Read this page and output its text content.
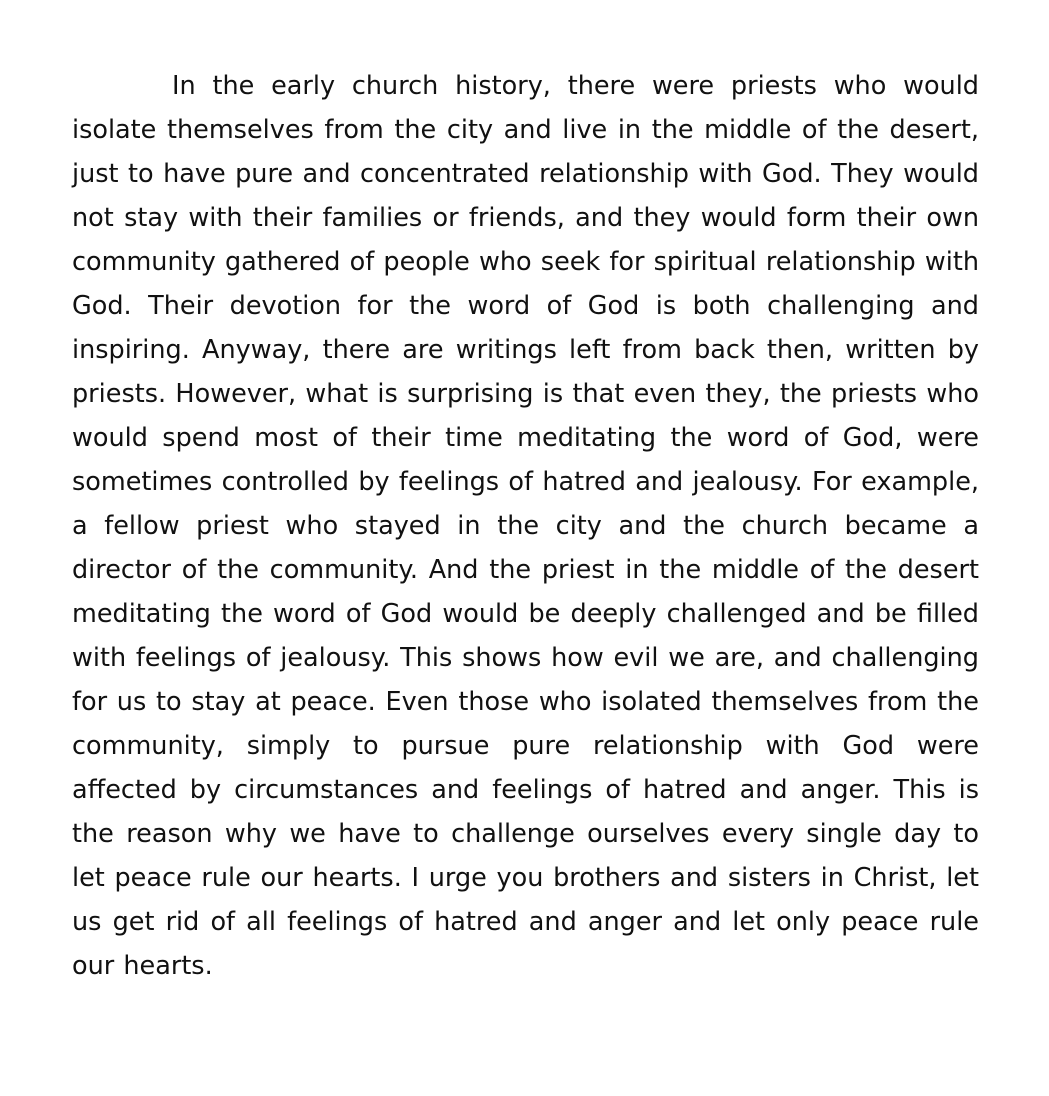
In the early church history, there were priests who would isolate themselves from the city and live in the middle of the desert, just to have pure and concentrated relationship with God. They would not stay with their families or friends, and they would form their own community gathered of people who seek for spiritual relationship with God. Their devotion for the word of God is both challenging and inspiring. Anyway, there are writings left from back then, written by priests. However, what is surprising is that even they, the priests who would spend most of their time meditating the word of God, were sometimes controlled by feelings of hatred and jealousy. For example, a fellow priest who stayed in the city and the church became a director of the community. And the priest in the middle of the desert meditating the word of God would be deeply challenged and be filled with feelings of jealousy. This shows how evil we are, and challenging for us to stay at peace. Even those who isolated themselves from the community, simply to pursue pure relationship with God were affected by circumstances and feelings of hatred and anger. This is the reason why we have to challenge ourselves every single day to let peace rule our hearts. I urge you brothers and sisters in Christ, let us get rid of all feelings of hatred and anger and let only peace rule our hearts.
